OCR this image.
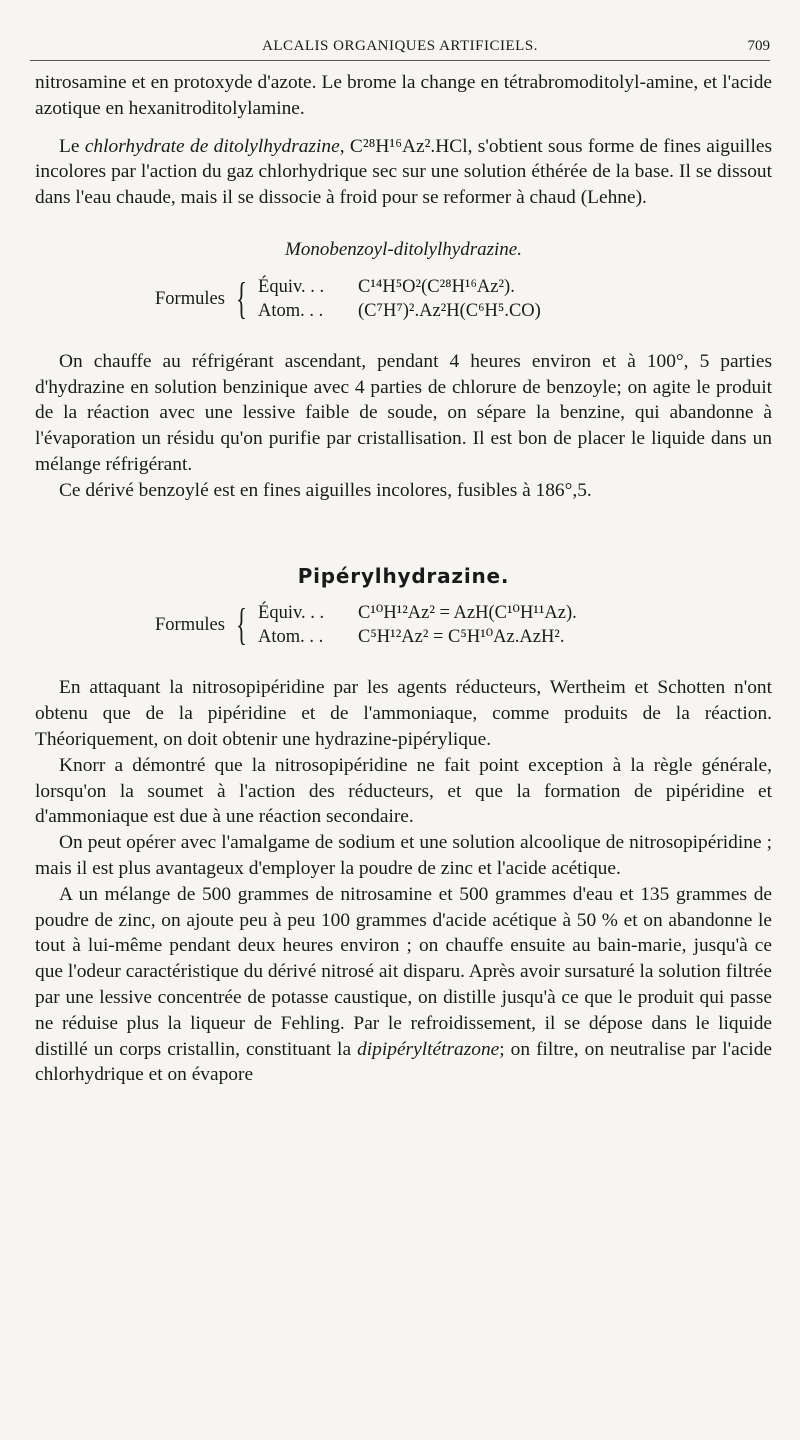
ALCALIS ORGANIQUES ARTIFICIELS.	709

nitrosamine et en protoxyde d'azote. Le brome la change en tétrabromoditolyl-amine, et l'acide azotique en hexanitroditolylamine.

Le chlorhydrate de ditolylhydrazine, C²⁸H¹⁶Az².HCl, s'obtient sous forme de fines aiguilles incolores par l'action du gaz chlorhydrique sec sur une solution éthérée de la base. Il se dissout dans l'eau chaude, mais il se dissocie à froid pour se reformer à chaud (Lehne).

Monobenzoyl-ditolylhydrazine.
Formules { Équiv. . .	C¹⁴H⁵O²(C²⁸H¹⁶Az²).
Atom. . .	(C⁷H⁷)².Az²H(C⁶H⁵.CO)

On chauffe au réfrigérant ascendant, pendant 4 heures environ et à 100°, 5 parties d'hydrazine en solution benzinique avec 4 parties de chlorure de benzoyle; on agite le produit de la réaction avec une lessive faible de soude, on sépare la benzine, qui abandonne à l'évaporation un résidu qu'on purifie par cristallisation. Il est bon de placer le liquide dans un mélange réfrigérant.

Ce dérivé benzoylé est en fines aiguilles incolores, fusibles à 186°,5.

Pipérylhydrazine.
Formules { Équiv. . .	C¹⁰H¹²Az² = AzH(C¹⁰H¹¹Az).
Atom. . .	C⁵H¹²Az² = C⁵H¹⁰Az.AzH².

En attaquant la nitrosopipéridine par les agents réducteurs, Wertheim et Schotten n'ont obtenu que de la pipéridine et de l'ammoniaque, comme produits de la réaction. Théoriquement, on doit obtenir une hydrazine-pipérylique.

Knorr a démontré que la nitrosopipéridine ne fait point exception à la règle générale, lorsqu'on la soumet à l'action des réducteurs, et que la formation de pipéridine et d'ammoniaque est due à une réaction secondaire.

On peut opérer avec l'amalgame de sodium et une solution alcoolique de nitrosopipéridine ; mais il est plus avantageux d'employer la poudre de zinc et l'acide acétique.

A un mélange de 500 grammes de nitrosamine et 500 grammes d'eau et 135 grammes de poudre de zinc, on ajoute peu à peu 100 grammes d'acide acétique à 50 % et on abandonne le tout à lui-même pendant deux heures environ ; on chauffe ensuite au bain-marie, jusqu'à ce que l'odeur caractéristique du dérivé nitrosé ait disparu. Après avoir sursaturé la solution filtrée par une lessive concentrée de potasse caustique, on distille jusqu'à ce que le produit qui passe ne réduise plus la liqueur de Fehling. Par le refroidissement, il se dépose dans le liquide distillé un corps cristallin, constituant la dipipéryltétrazone; on filtre, on neutralise par l'acide chlorhydrique et on évapore
